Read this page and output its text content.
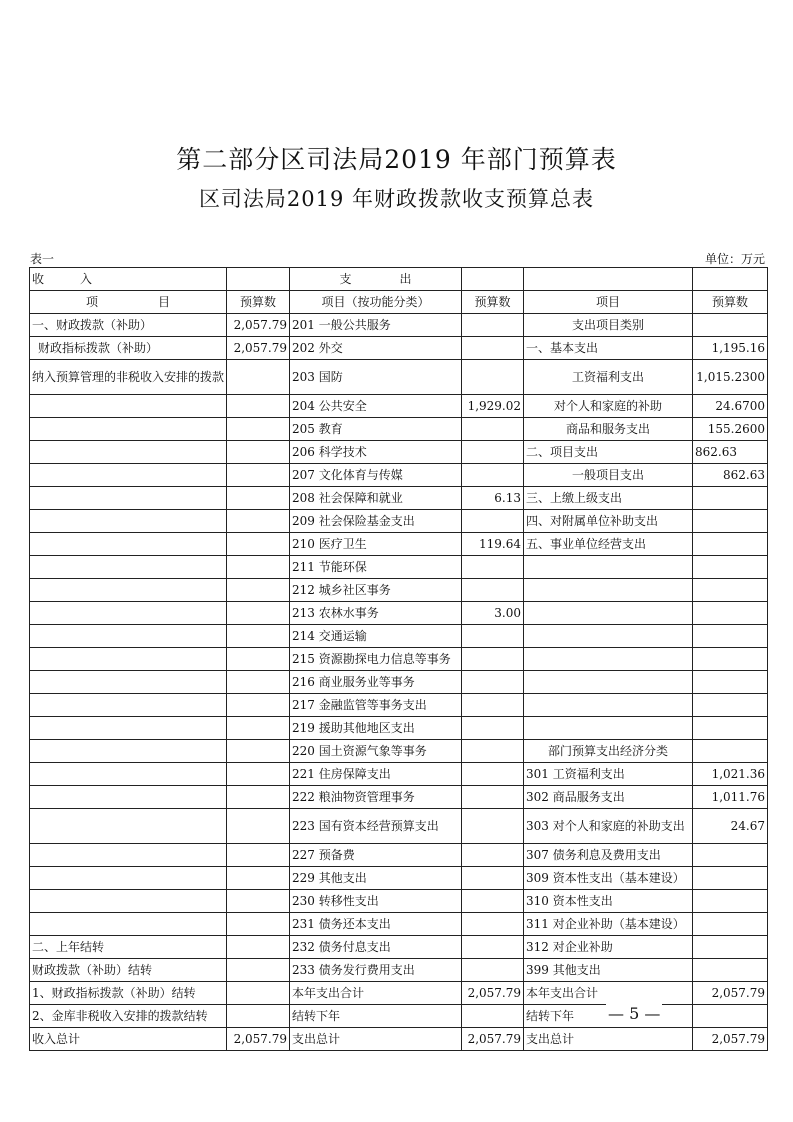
第二部分区司法局2019 年部门预算表
区司法局2019 年财政拨款收支预算总表
表一	单位：万元
收　　　入		支　　　　出			
项　　　　　目	预算数	项目（按功能分类）	预算数	项目	预算数
一、财政拨款（补助）	2,057.79	201 一般公共服务		支出项目类别	
财政指标拨款（补助）	2,057.79	202 外交		一、基本支出	1,195.16
纳入预算管理的非税收入安排的拨款		203 国防		工资福利支出	1,015.2300
		204 公共安全	1,929.02	对个人和家庭的补助	24.6700
		205 教育		商品和服务支出	155.2600
		206 科学技术		二、项目支出	862.63
		207 文化体育与传媒		一般项目支出	862.63
		208 社会保障和就业	6.13	三、上缴上级支出	
		209 社会保险基金支出		四、对附属单位补助支出	
		210 医疗卫生	119.64	五、事业单位经营支出	
		211 节能环保			
		212 城乡社区事务			
		213 农林水事务	3.00		
		214 交通运输			
		215 资源勘探电力信息等事务			
		216 商业服务业等事务			
		217 金融监管等事务支出			
		219 援助其他地区支出			
		220 国土资源气象等事务		部门预算支出经济分类	
		221 住房保障支出		301 工资福利支出	1,021.36
		222 粮油物资管理事务		302 商品服务支出	1,011.76
		223 国有资本经营预算支出		303 对个人和家庭的补助支出	24.67
		227 预备费		307 债务利息及费用支出	
		229 其他支出		309 资本性支出（基本建设）	
		230 转移性支出		310 资本性支出	
		231 债务还本支出		311 对企业补助（基本建设）	
二、上年结转		232 债务付息支出		312 对企业补助	
财政拨款（补助）结转		233 债务发行费用支出		399 其他支出	
1、财政指标拨款（补助）结转		本年支出合计	2,057.79	本年支出合计	2,057.79
2、金库非税收入安排的拨款结转		结转下年		结转下年	
收入总计	2,057.79	支出总计	2,057.79	支出总计	2,057.79
— 5 —
